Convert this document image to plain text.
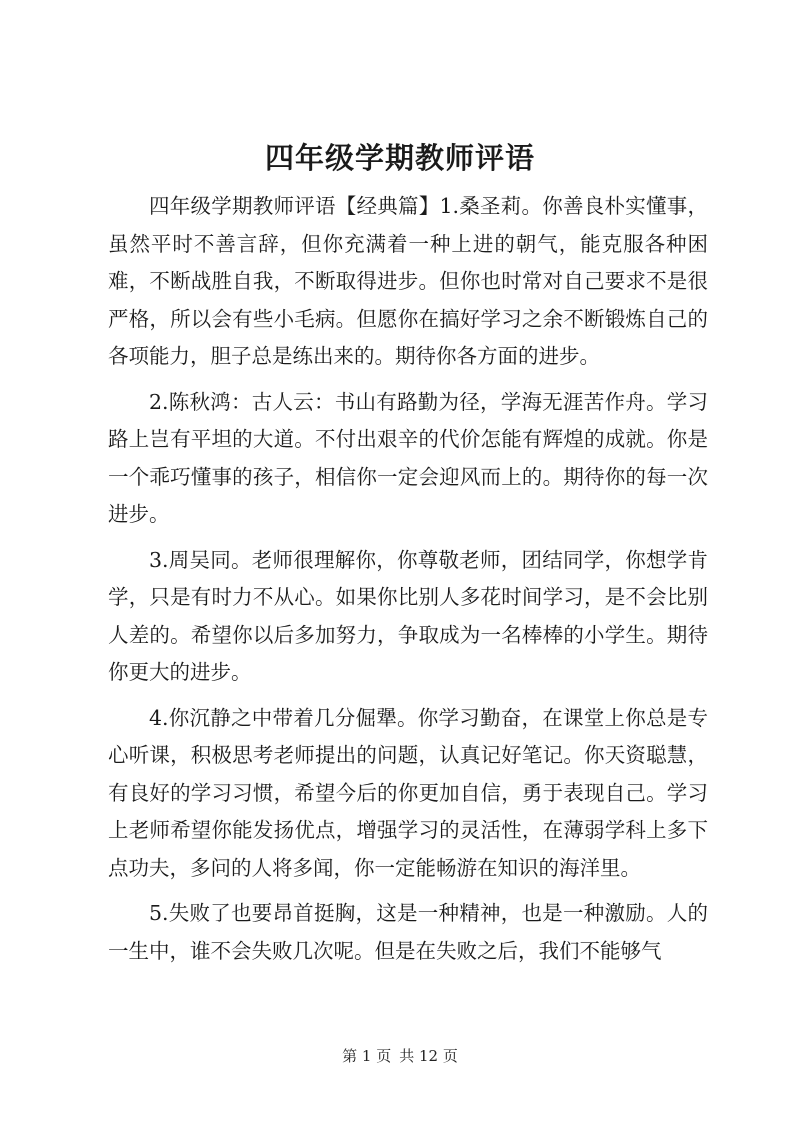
四年级学期教师评语

四年级学期教师评语【经典篇】1.桑圣莉。你善良朴实懂事，虽然平时不善言辞，但你充满着一种上进的朝气，能克服各种困难，不断战胜自我，不断取得进步。但你也时常对自己要求不是很严格，所以会有些小毛病。但愿你在搞好学习之余不断锻炼自己的各项能力，胆子总是练出来的。期待你各方面的进步。

2.陈秋鸿：古人云：书山有路勤为径，学海无涯苦作舟。学习路上岂有平坦的大道。不付出艰辛的代价怎能有辉煌的成就。你是一个乖巧懂事的孩子，相信你一定会迎风而上的。期待你的每一次进步。

3.周吴同。老师很理解你，你尊敬老师，团结同学，你想学肯学，只是有时力不从心。如果你比别人多花时间学习，是不会比别人差的。希望你以后多加努力，争取成为一名棒棒的小学生。期待你更大的进步。

4.你沉静之中带着几分倔犟。你学习勤奋，在课堂上你总是专心听课，积极思考老师提出的问题，认真记好笔记。你天资聪慧，有良好的学习习惯，希望今后的你更加自信，勇于表现自己。学习上老师希望你能发扬优点，增强学习的灵活性，在薄弱学科上多下点功夫，多问的人将多闻，你一定能畅游在知识的海洋里。

5.失败了也要昂首挺胸，这是一种精神，也是一种激励。人的一生中，谁不会失败几次呢。但是在失败之后，我们不能够气

第 1 页 共 12 页
